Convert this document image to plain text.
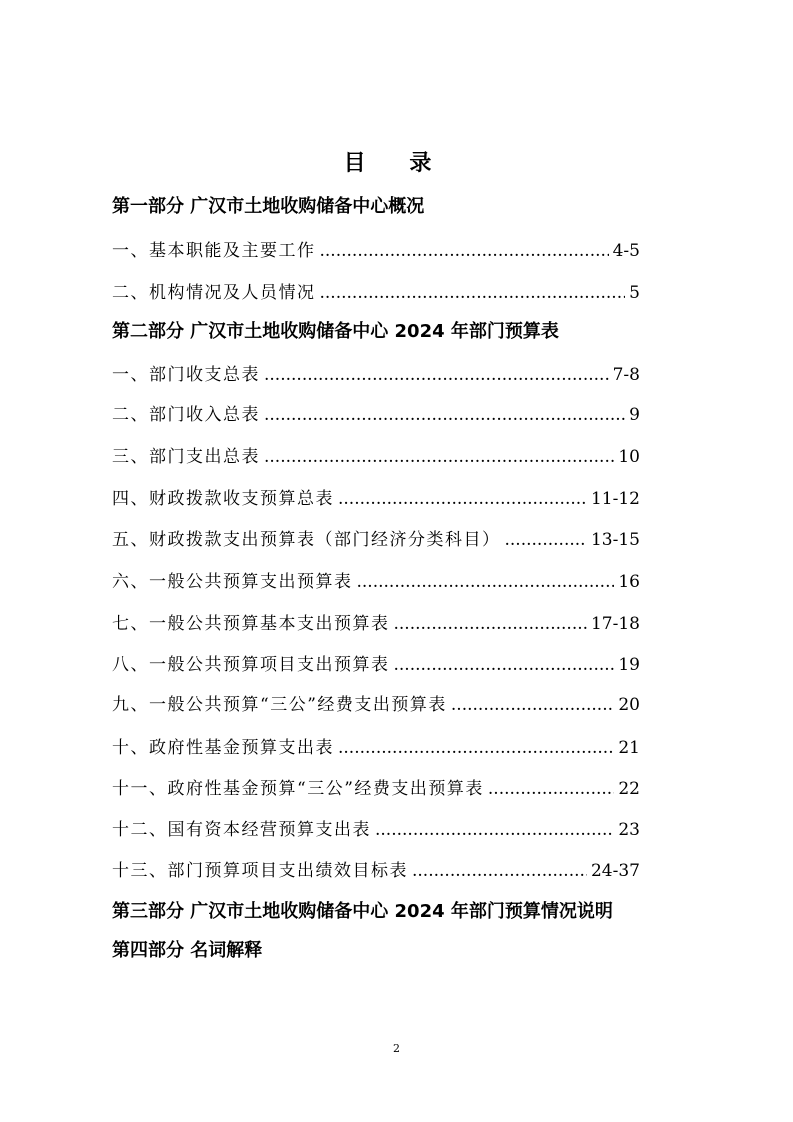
目 录
第一部分 广汉市土地收购储备中心概况
一、基本职能及主要工作 .....	4-5
二、机构情况及人员情况 .....	5
第二部分 广汉市土地收购储备中心 2024 年部门预算表
一、部门收支总表 .....	7-8
二、部门收入总表 .....	9
三、部门支出总表 .....	10
四、财政拨款收支预算总表 .....	11-12
五、财政拨款支出预算表（部门经济分类科目） .....	13-15
六、一般公共预算支出预算表 .....	16
七、一般公共预算基本支出预算表 .....	17-18
八、一般公共预算项目支出预算表 .....	19
九、一般公共预算“三公”经费支出预算表 .....	20
十、政府性基金预算支出表 .....	21
十一、政府性基金预算“三公”经费支出预算表 .....	22
十二、国有资本经营预算支出表 .....	23
十三、部门预算项目支出绩效目标表 .....	24-37
第三部分 广汉市土地收购储备中心 2024 年部门预算情况说明
第四部分 名词解释
2
